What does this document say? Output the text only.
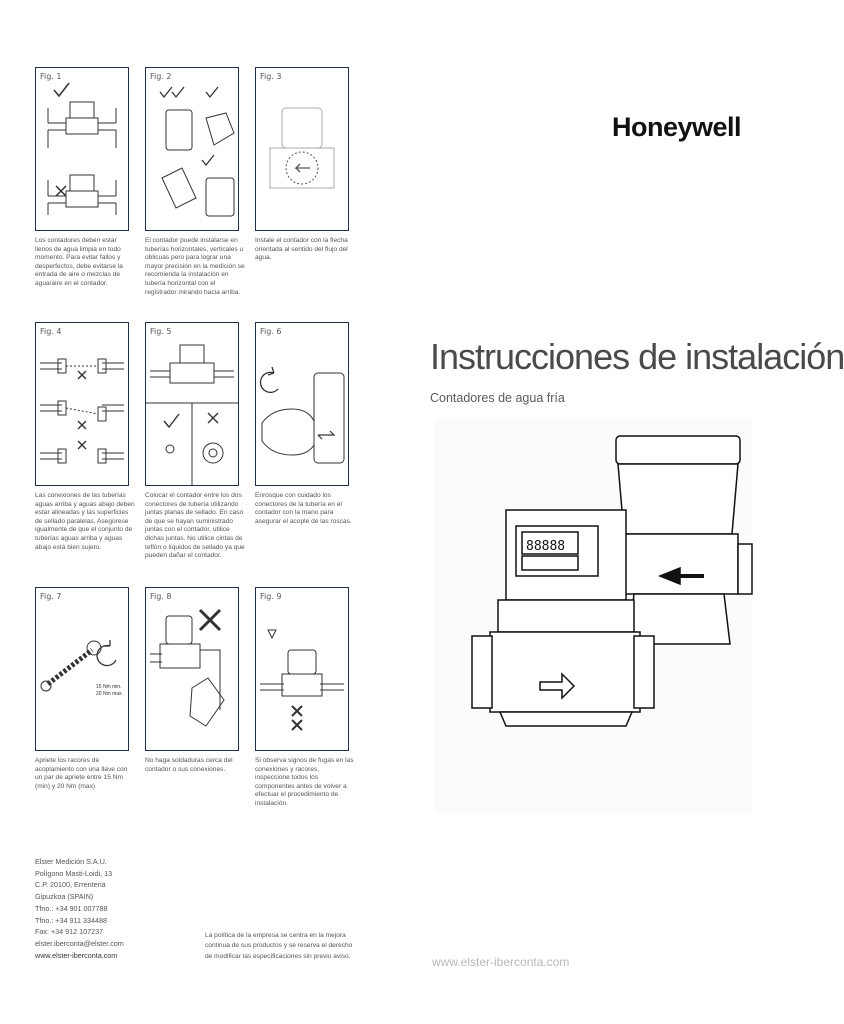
Fig. 1
Los contadores deben estar llenos de agua limpia en todo momento. Para evitar fallos y desperfectos, debe evitarse la entrada de aire o mezclas de agua/aire en el contador.
Fig. 2
El contador puede instalarse en tuberías horizontales, verticales u oblicuas pero para lograr una mayor precisión en la medición se recomienda la instalación en tubería horizontal con el registrador mirando hacia arriba.
Fig. 3
Instale el contador con la flecha orientada al sentido del flujo del agua.
Fig. 4
Las conexiones de las tuberías aguas arriba y aguas abajo deben estar alineadas y las superficies de sellado paralelas. Asegúrese igualmente de que el conjunto de tuberías aguas arriba y aguas abajo está bien sujeto.
Fig. 5
Colocar el contador entre los dos conectores de tubería utilizando juntas planas de sellado. En caso de que se hayan suministrado juntas con el contador, utilice dichas juntas. No utilice cintas de teflón o líquidos de sellado ya que pueden dañar el contador.
Fig. 6
Enrosque con cuidado los conectores de la tubería en el contador con la mano para asegurar el acople de las roscas.
Fig. 7
15 Nm min.
20 Nm max.
Apriete los racores de acoplamiento con una llave con un par de apriete entre 15 Nm (min) y 20 Nm (max)
Fig. 8
No haga soldaduras cerca del contador o sus conexiones.
Fig. 9
Si observa signos de fugas en las conexiones y racores, inspeccione todos los componentes antes de volver a efectuar el procedimiento de instalación.
Honeywell
Instrucciones de instalación
Contadores de agua fría
88888
Elster Medición S.A.U.
Polígono Masti-Loidi, 13
C.P. 20100, Errenteria
Gipuzkoa (SPAIN)
Tfno.: +34 901 007788
Tfno.: +34 911 334488
Fax: +34 912 107237
elster.iberconta@elster.com
www.elster-iberconta.com
La política de la empresa se centra en la mejora continua de sus productos y se reserva el derecho de modificar las especificaciones sin previo aviso.	www.elster-iberconta.com
